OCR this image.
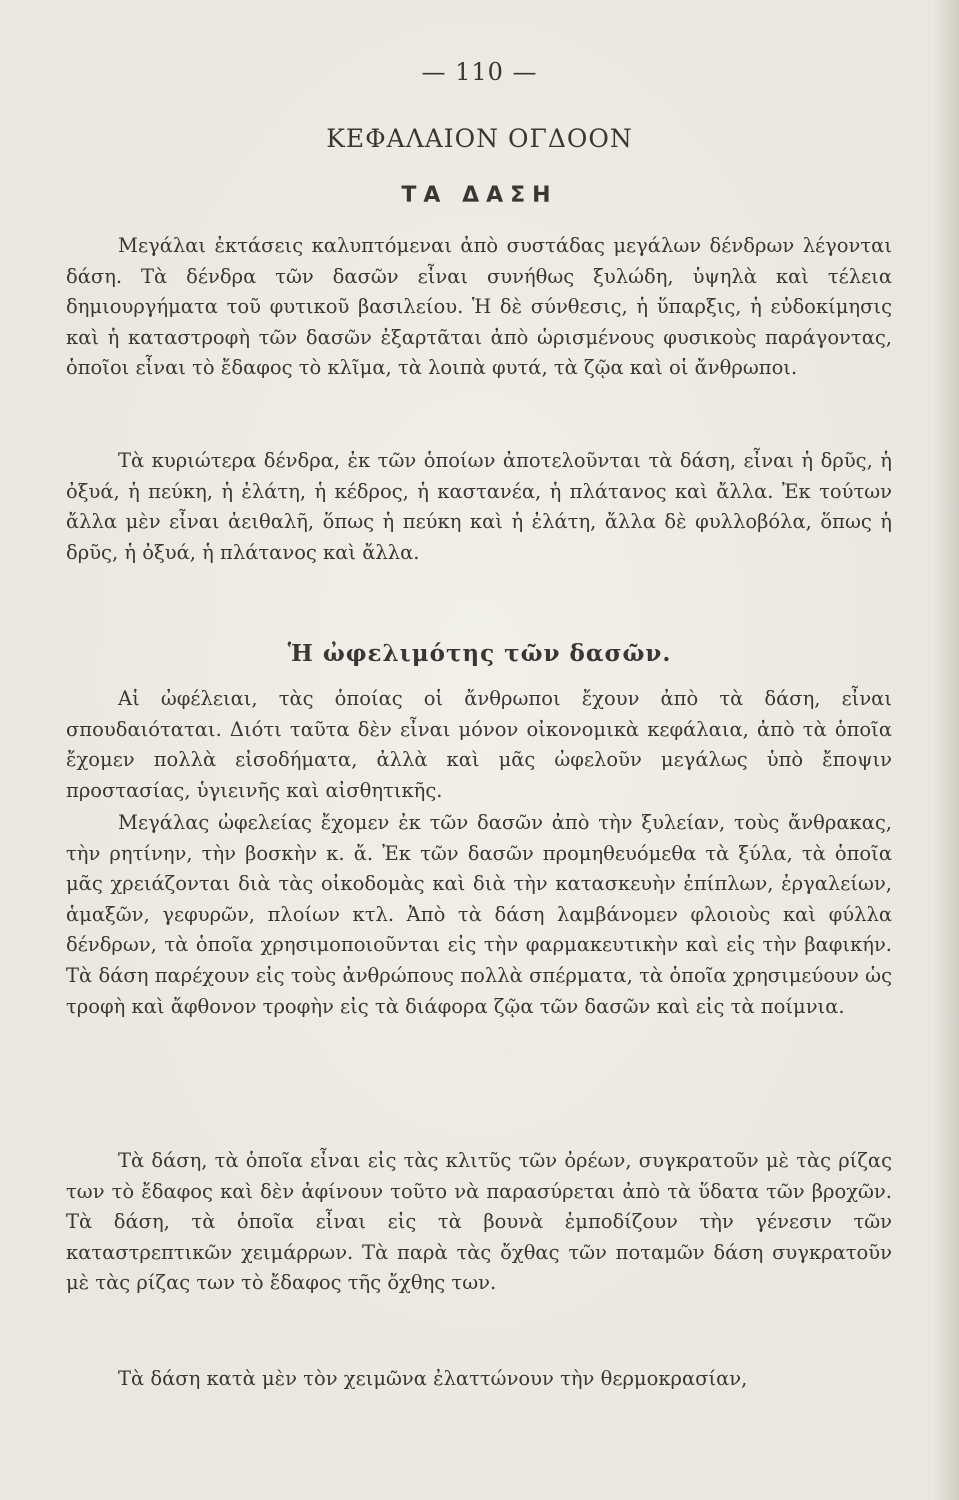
— 110 —
ΚΕΦΑΛΑΙΟΝ ΟΓΔΟΟΝ
ΤΑ ΔΑΣΗ

Μεγάλαι ἐκτάσεις καλυπτόμεναι ἀπὸ συστάδας μεγάλων δένδρων λέγονται δάση. Τὰ δένδρα τῶν δασῶν εἶναι συνήθως ξυλώδη, ὑψηλὰ καὶ τέλεια δημιουργήματα τοῦ φυτικοῦ βασιλείου. Ἡ δὲ σύνθεσις, ἡ ὕπαρξις, ἡ εὐδοκίμησις καὶ ἡ καταστροφὴ τῶν δασῶν ἐξαρτᾶται ἀπὸ ὡρισμένους φυσικοὺς παράγοντας, ὁποῖοι εἶναι τὸ ἔδαφος τὸ κλῖμα, τὰ λοιπὰ φυτά, τὰ ζῷα καὶ οἱ ἄνθρωποι.

Τὰ κυριώτερα δένδρα, ἐκ τῶν ὁποίων ἀποτελοῦνται τὰ δάση, εἶναι ἡ δρῦς, ἡ ὀξυά, ἡ πεύκη, ἡ ἐλάτη, ἡ κέδρος, ἡ καστανέα, ἡ πλάτανος καὶ ἄλλα. Ἐκ τούτων ἄλλα μὲν εἶναι ἀειθαλῆ, ὅπως ἡ πεύκη καὶ ἡ ἐλάτη, ἄλλα δὲ φυλλοβόλα, ὅπως ἡ δρῦς, ἡ ὀξυά, ἡ πλάτανος καὶ ἄλλα.

Ἡ ὠφελιμότης τῶν δασῶν.

Αἱ ὠφέλειαι, τὰς ὁποίας οἱ ἄνθρωποι ἔχουν ἀπὸ τὰ δάση, εἶναι σπουδαιόταται. Διότι ταῦτα δὲν εἶναι μόνον οἰκονομικὰ κεφάλαια, ἀπὸ τὰ ὁποῖα ἔχομεν πολλὰ εἰσοδήματα, ἀλλὰ καὶ μᾶς ὠφελοῦν μεγάλως ὑπὸ ἔποψιν προστασίας, ὑγιεινῆς καὶ αἰσθητικῆς.

Μεγάλας ὠφελείας ἔχομεν ἐκ τῶν δασῶν ἀπὸ τὴν ξυλείαν, τοὺς ἄνθρακας, τὴν ρητίνην, τὴν βοσκὴν κ. ἄ. Ἐκ τῶν δασῶν προμηθευόμεθα τὰ ξύλα, τὰ ὁποῖα μᾶς χρειάζονται διὰ τὰς οἰκοδομὰς καὶ διὰ τὴν κατασκευὴν ἐπίπλων, ἐργαλείων, ἁμαξῶν, γεφυρῶν, πλοίων κτλ. Ἀπὸ τὰ δάση λαμβάνομεν φλοιοὺς καὶ φύλλα δένδρων, τὰ ὁποῖα χρησιμοποιοῦνται εἰς τὴν φαρμακευτικὴν καὶ εἰς τὴν βαφικήν. Τὰ δάση παρέχουν εἰς τοὺς ἀνθρώπους πολλὰ σπέρματα, τὰ ὁποῖα χρησιμεύουν ὡς τροφὴ καὶ ἄφθονον τροφὴν εἰς τὰ διάφορα ζῷα τῶν δασῶν καὶ εἰς τὰ ποίμνια.

Τὰ δάση, τὰ ὁποῖα εἶναι εἰς τὰς κλιτῦς τῶν ὀρέων, συγκρατοῦν μὲ τὰς ρίζας των τὸ ἔδαφος καὶ δὲν ἀφίνουν τοῦτο νὰ παρασύρεται ἀπὸ τὰ ὕδατα τῶν βροχῶν. Τὰ δάση, τὰ ὁποῖα εἶναι εἰς τὰ βουνὰ ἐμποδίζουν τὴν γένεσιν τῶν καταστρεπτικῶν χειμάρρων. Τὰ παρὰ τὰς ὄχθας τῶν ποταμῶν δάση συγκρατοῦν μὲ τὰς ρίζας των τὸ ἔδαφος τῆς ὄχθης των.

Τὰ δάση κατὰ μὲν τὸν χειμῶνα ἐλαττώνουν τὴν θερμοκρασίαν,
